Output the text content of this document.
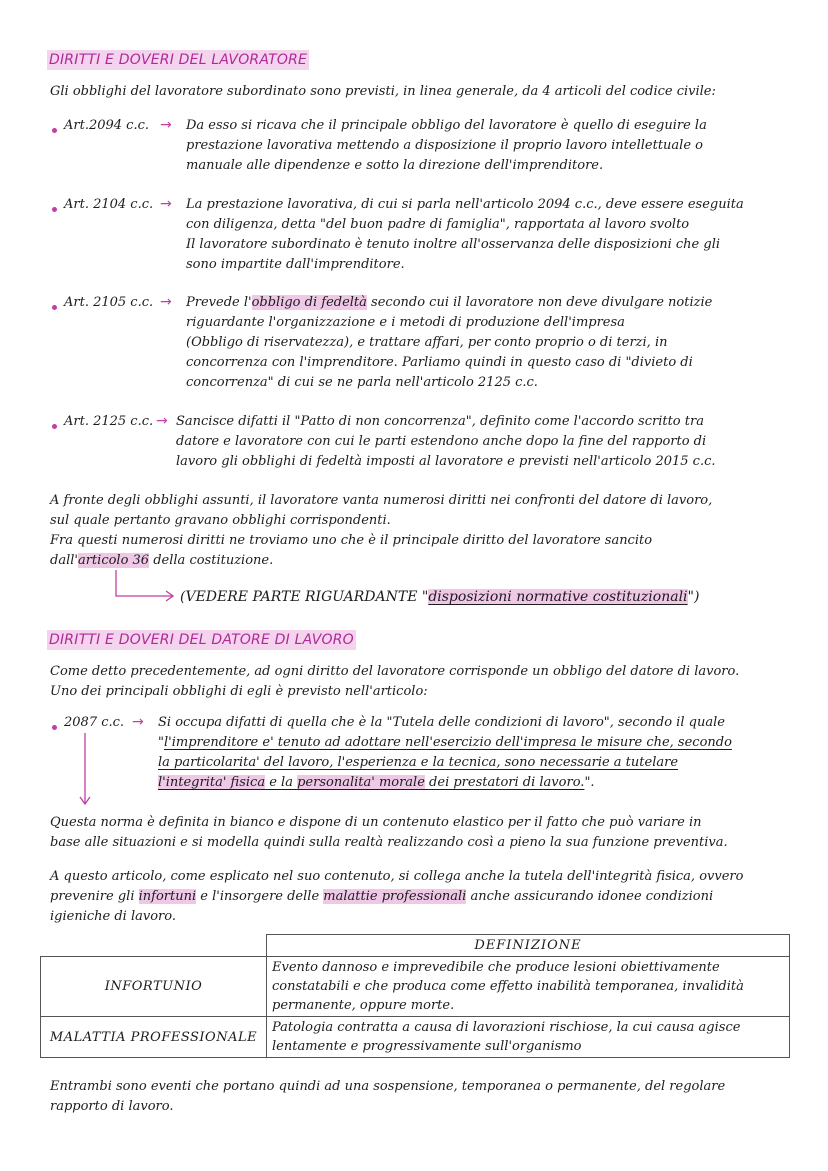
DIRITTI E DOVERI DEL LAVORATORE
Gli obblighi del lavoratore subordinato sono previsti, in linea generale, da 4 articoli del codice civile:
Art.2094 c.c. → Da esso si ricava che il principale obbligo del lavoratore è quello di eseguire la
prestazione lavorativa mettendo a disposizione il proprio lavoro intellettuale o
manuale alle dipendenze e sotto la direzione dell'imprenditore.
Art. 2104 c.c. → La prestazione lavorativa, di cui si parla nell'articolo 2094 c.c., deve essere eseguita
con diligenza, detta "del buon padre di famiglia", rapportata al lavoro svolto
Il lavoratore subordinato è tenuto inoltre all'osservanza delle disposizioni che gli
sono impartite dall'imprenditore.
Art. 2105 c.c. → Prevede l'obbligo di fedeltà secondo cui il lavoratore non deve divulgare notizie
riguardante l'organizzazione e i metodi di produzione dell'impresa
(Obbligo di riservatezza), e trattare affari, per conto proprio o di terzi, in
concorrenza con l'imprenditore. Parliamo quindi in questo caso di "divieto di
concorrenza" di cui se ne parla nell'articolo 2125 c.c.
Art. 2125 c.c. → Sancisce difatti il "Patto di non concorrenza", definito come l'accordo scritto tra
datore e lavoratore con cui le parti estendono anche dopo la fine del rapporto di
lavoro gli obblighi di fedeltà imposti al lavoratore e previsti nell'articolo 2015 c.c.
A fronte degli obblighi assunti, il lavoratore vanta numerosi diritti nei confronti del datore di lavoro,
sul quale pertanto gravano obblighi corrispondenti.
Fra questi numerosi diritti ne troviamo uno che è il principale diritto del lavoratore sancito
dall'articolo 36 della costituzione.
(VEDERE PARTE RIGUARDANTE "disposizioni normative costituzionali")
DIRITTI E DOVERI DEL DATORE DI LAVORO
Come detto precedentemente, ad ogni diritto del lavoratore corrisponde un obbligo del datore di lavoro.
Uno dei principali obblighi di egli è previsto nell'articolo:
2087 c.c. → Si occupa difatti di quella che è la "Tutela delle condizioni di lavoro", secondo il quale
"l'imprenditore e' tenuto ad adottare nell'esercizio dell'impresa le misure che, secondo
la particolarita' del lavoro, l'esperienza e la tecnica, sono necessarie a tutelare
l'integrita' fisica e la personalita' morale dei prestatori di lavoro.".
Questa norma è definita in bianco e dispone di un contenuto elastico per il fatto che può variare in
base alle situazioni e si modella quindi sulla realtà realizzando così a pieno la sua funzione preventiva.
A questo articolo, come esplicato nel suo contenuto, si collega anche la tutela dell'integrità fisica, ovvero
prevenire gli infortuni e l'insorgere delle malattie professionali anche assicurando idonee condizioni
igieniche di lavoro.
	DEFINIZIONE
INFORTUNIO	Evento dannoso e imprevedibile che produce lesioni obiettivamente constatabili e che produca come effetto inabilità temporanea, invalidità permanente, oppure morte.
MALATTIA PROFESSIONALE	Patologia contratta a causa di lavorazioni rischiose, la cui causa agisce lentamente e progressivamente sull'organismo
Entrambi sono eventi che portano quindi ad una sospensione, temporanea o permanente, del regolare
rapporto di lavoro.
